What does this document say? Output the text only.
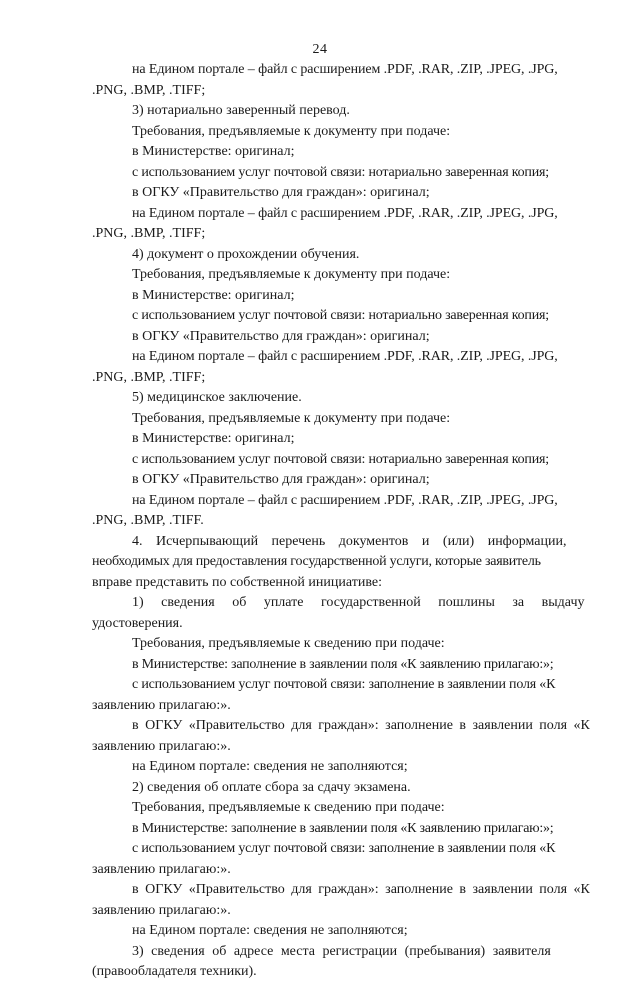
24
на Едином портале – файл с расширением .PDF, .RAR, .ZIP, .JPEG, .JPG,
.PNG, .BMP, .TIFF;
3) нотариально заверенный перевод.
Требования, предъявляемые к документу при подаче:
в Министерстве: оригинал;
с использованием услуг почтовой связи: нотариально заверенная копия;
в ОГКУ «Правительство для граждан»: оригинал;
на Едином портале – файл с расширением .PDF, .RAR, .ZIP, .JPEG, .JPG,
.PNG, .BMP, .TIFF;
4) документ о прохождении обучения.
Требования, предъявляемые к документу при подаче:
в Министерстве: оригинал;
с использованием услуг почтовой связи: нотариально заверенная копия;
в ОГКУ «Правительство для граждан»: оригинал;
на Едином портале – файл с расширением .PDF, .RAR, .ZIP, .JPEG, .JPG,
.PNG, .BMP, .TIFF;
5) медицинское заключение.
Требования, предъявляемые к документу при подаче:
в Министерстве: оригинал;
с использованием услуг почтовой связи: нотариально заверенная копия;
в ОГКУ «Правительство для граждан»: оригинал;
на Едином портале – файл с расширением .PDF, .RAR, .ZIP, .JPEG, .JPG,
.PNG, .BMP, .TIFF.
4. Исчерпывающий перечень документов и (или) информации,
необходимых для предоставления государственной услуги, которые заявитель
вправе представить по собственной инициативе:
1) сведения об уплате государственной пошлины за выдачу
удостоверения.
Требования, предъявляемые к сведению при подаче:
в Министерстве: заполнение в заявлении поля «К заявлению прилагаю:»;
с использованием услуг почтовой связи: заполнение в заявлении поля «К
заявлению прилагаю:».
в ОГКУ «Правительство для граждан»: заполнение в заявлении поля «К
заявлению прилагаю:».
на Едином портале: сведения не заполняются;
2) сведения об оплате сбора за сдачу экзамена.
Требования, предъявляемые к сведению при подаче:
в Министерстве: заполнение в заявлении поля «К заявлению прилагаю:»;
с использованием услуг почтовой связи: заполнение в заявлении поля «К
заявлению прилагаю:».
в ОГКУ «Правительство для граждан»: заполнение в заявлении поля «К
заявлению прилагаю:».
на Едином портале: сведения не заполняются;
3) сведения об адресе места регистрации (пребывания) заявителя
(правообладателя техники).
